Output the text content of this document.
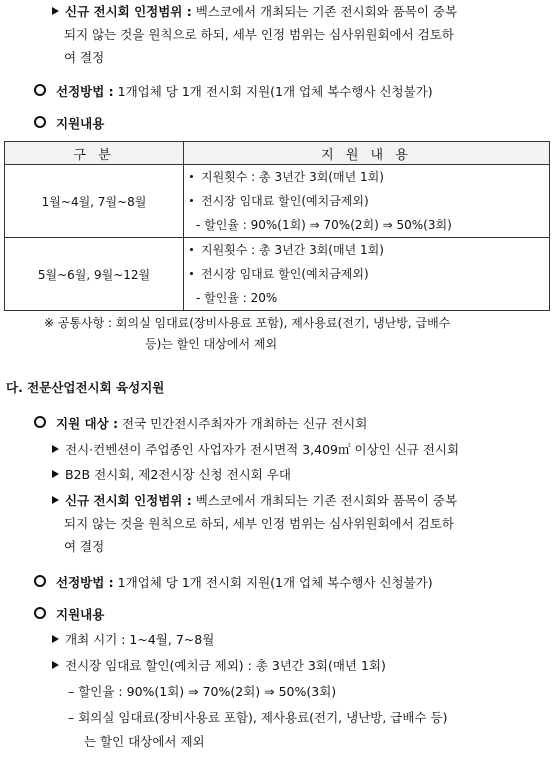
신규 전시회 인정범위 : 벡스코에서 개최되는 기존 전시회와 품목이 중복
되지 않는 것을 원칙으로 하되, 세부 인정 범위는 심사위원회에서 검토하
여 결정
선정방법 : 1개업체 당 1개 전시회 지원(1개 업체 복수행사 신청불가)
지원내용
구 분	지 원 내 용
1월~4월, 7월~8월	지원횟수 : 총 3년간 3회(매년 1회)
전시장 임대료 할인(예치금제외)
- 할인율 : 90%(1회) ⇒ 70%(2회) ⇒ 50%(3회)

5월~6월, 9월~12월	지원횟수 : 총 3년간 3회(매년 1회)
전시장 임대료 할인(예치금제외)
- 할인율 : 20%
※ 공통사항 : 회의실 임대료(장비사용료 포함), 제사용료(전기, 냉난방, 급배수
등)는 할인 대상에서 제외
다. 전문산업전시회 육성지원
지원 대상 : 전국 민간전시주최자가 개최하는 신규 전시회
전시·컨벤션이 주업종인 사업자가 전시면적 3,409㎡ 이상인 신규 전시회
B2B 전시회, 제2전시장 신청 전시회 우대
신규 전시회 인정범위 : 벡스코에서 개최되는 기존 전시회와 품목이 중복
되지 않는 것을 원칙으로 하되, 세부 인정 범위는 심사위원회에서 검토하
여 결정
선정방법 : 1개업체 당 1개 전시회 지원(1개 업체 복수행사 신청불가)
지원내용
개최 시기 : 1~4월, 7~8월
전시장 임대료 할인(예치금 제외) : 총 3년간 3회(매년 1회)
– 할인율 : 90%(1회) ⇒ 70%(2회) ⇒ 50%(3회)
– 회의실 임대료(장비사용료 포함), 제사용료(전기, 냉난방, 급배수 등)
는 할인 대상에서 제외
